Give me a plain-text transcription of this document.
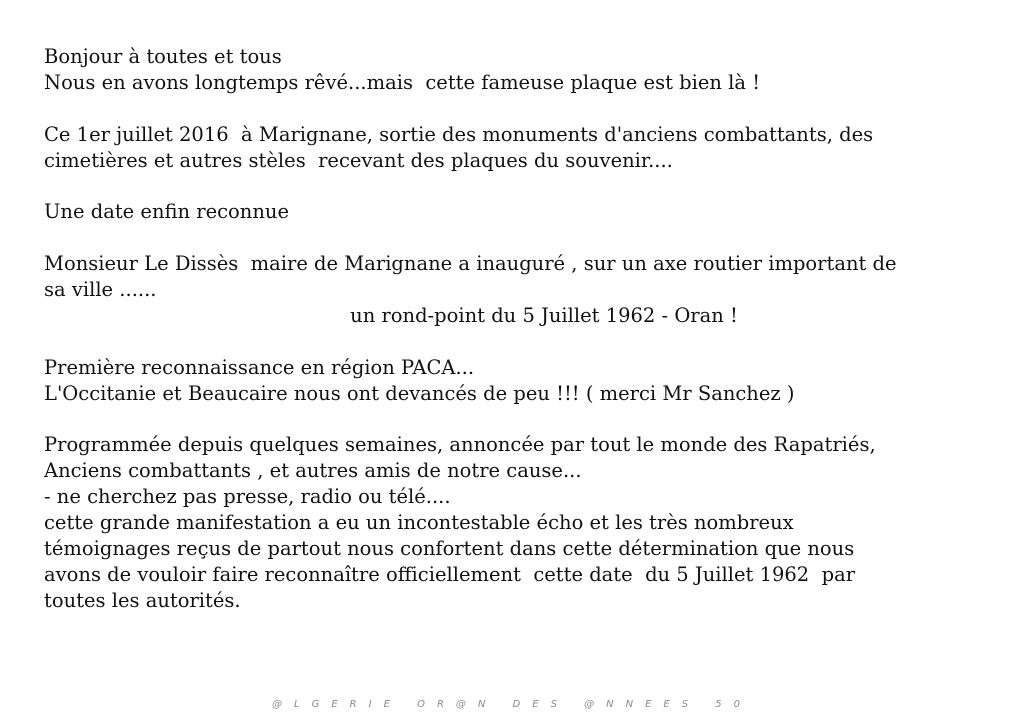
Bonjour à toutes et tous
Nous en avons longtemps rêvé...mais  cette fameuse plaque est bien là !
Ce 1er juillet 2016  à Marignane, sortie des monuments d'anciens combattants, des
cimetières et autres stèles  recevant des plaques du souvenir....
Une date enfin reconnue
Monsieur Le Dissès  maire de Marignane a inauguré , sur un axe routier important de
sa ville ......
un rond-point du 5 Juillet 1962 - Oran !
Première reconnaissance en région PACA...
L'Occitanie et Beaucaire nous ont devancés de peu !!! ( merci Mr Sanchez )
Programmée depuis quelques semaines, annoncée par tout le monde des Rapatriés,
Anciens combattants , et autres amis de notre cause...
- ne cherchez pas presse, radio ou télé....
cette grande manifestation a eu un incontestable écho et les très nombreux
témoignages reçus de partout nous confortent dans cette détermination que nous
avons de vouloir faire reconnaître officiellement  cette date  du 5 Juillet 1962  par
toutes les autorités.
@LGERIE OR@N DES @NNEES 50
